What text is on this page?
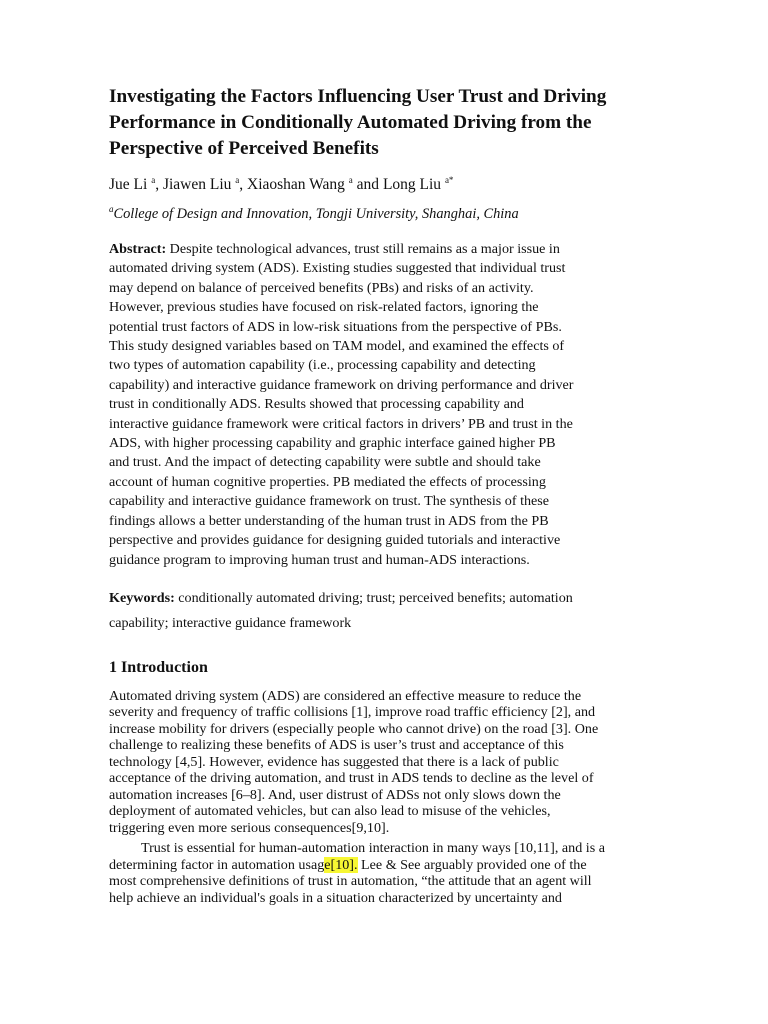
Investigating the Factors Influencing User Trust and Driving
Performance in Conditionally Automated Driving from the
Perspective of Perceived Benefits
Jue Li $^a$, Jiawen Liu $^a$, Xiaoshan Wang $^a$ and Long Liu $^{a*}$
$^a$College of Design and Innovation, Tongji University, Shanghai, China
Abstract: Despite technological advances, trust still remains as a major issue in
automated driving system (ADS). Existing studies suggested that individual trust
may depend on balance of perceived benefits (PBs) and risks of an activity.
However, previous studies have focused on risk-related factors, ignoring the
potential trust factors of ADS in low-risk situations from the perspective of PBs.
This study designed variables based on TAM model, and examined the effects of
two types of automation capability (i.e., processing capability and detecting
capability) and interactive guidance framework on driving performance and driver
trust in conditionally ADS. Results showed that processing capability and
interactive guidance framework were critical factors in drivers’ PB and trust in the
ADS, with higher processing capability and graphic interface gained higher PB
and trust. And the impact of detecting capability were subtle and should take
account of human cognitive properties. PB mediated the effects of processing
capability and interactive guidance framework on trust. The synthesis of these
findings allows a better understanding of the human trust in ADS from the PB
perspective and provides guidance for designing guided tutorials and interactive
guidance program to improving human trust and human-ADS interactions.
Keywords: conditionally automated driving; trust; perceived benefits; automation
capability; interactive guidance framework
1 Introduction
Automated driving system (ADS) are considered an effective measure to reduce the
severity and frequency of traffic collisions [1], improve road traffic efficiency [2], and
increase mobility for drivers (especially people who cannot drive) on the road [3]. One
challenge to realizing these benefits of ADS is user’s trust and acceptance of this
technology [4,5]. However, evidence has suggested that there is a lack of public
acceptance of the driving automation, and trust in ADS tends to decline as the level of
automation increases [6–8]. And, user distrust of ADSs not only slows down the
deployment of automated vehicles, but can also lead to misuse of the vehicles,
triggering even more serious consequences[9,10].
Trust is essential for human-automation interaction in many ways [10,11], and is a
determining factor in automation usage[10]. Lee & See arguably provided one of the
most comprehensive definitions of trust in automation, “the attitude that an agent will
help achieve an individual's goals in a situation characterized by uncertainty and
